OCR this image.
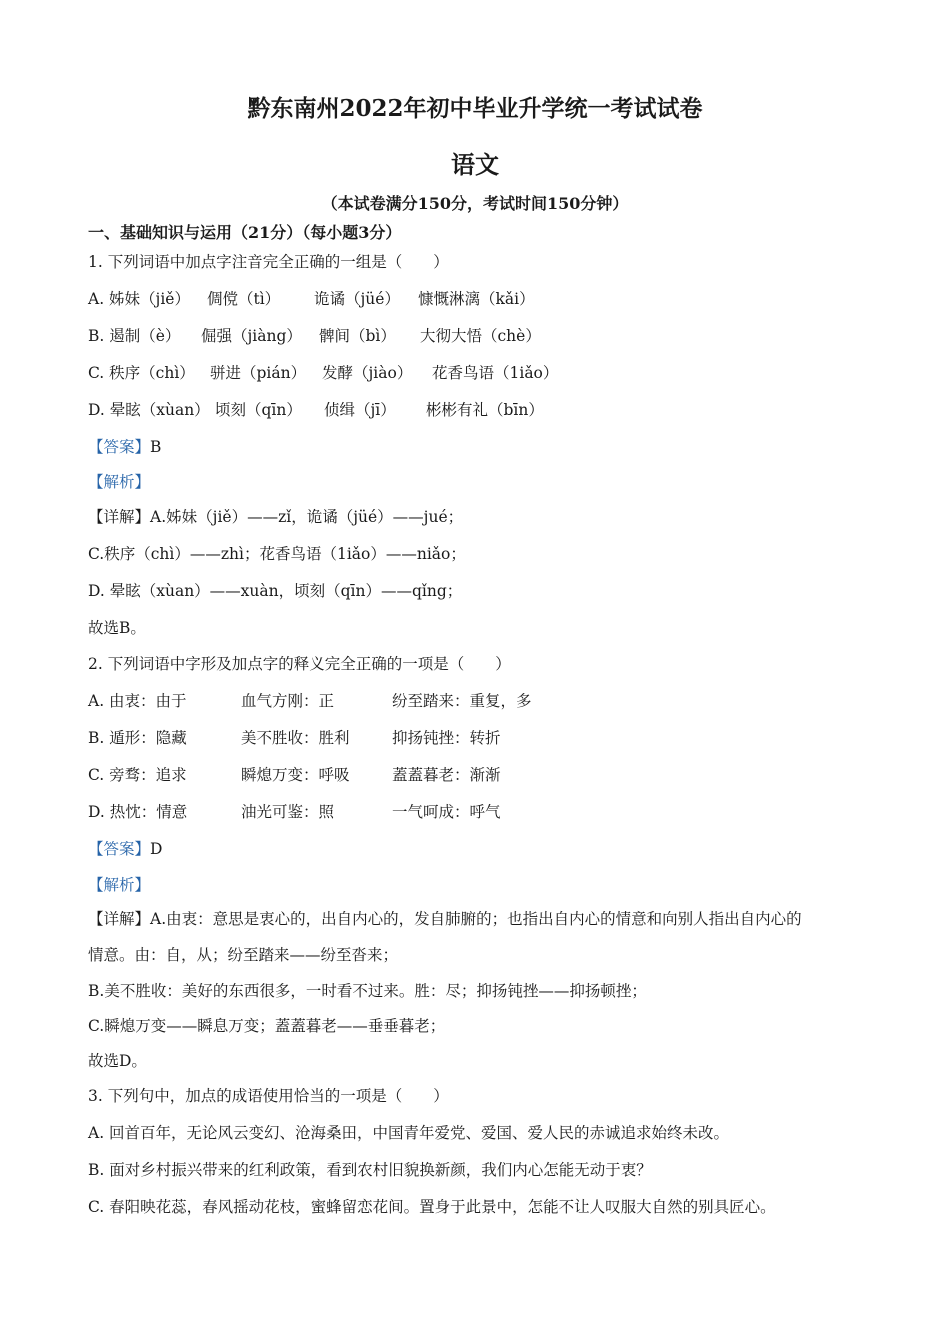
黔东南州2022年初中毕业升学统一考试试卷
语文
（本试卷满分150分，考试时间150分钟）
一、基础知识与运用（21分）（每小题3分）
1. 下列词语中加点字注音完全正确的一组是（　　）
A. 姊妹（jiě） 倜傥（tì） 诡谲（jüé） 慷慨淋漓（kǎi）
B. 遏制（è） 倔强（jiàng） 髀间（bì） 大彻大悟（chè）
C. 秩序（chì） 骈进（pián） 发酵（jiào） 花香鸟语（1iǎo）
D. 晕眩（xùan） 顷刻（qīn） 侦缉（jī） 彬彬有礼（bīn）
【答案】B
【解析】
【详解】A.姊妹（jiě）——zǐ，诡谲（jüé）——jué；
C.秩序（chì）——zhì；花香鸟语（1iǎo）——niǎo；
D. 晕眩（xùan）——xuàn，顷刻（qīn）——qǐng；
故选B。
2. 下列词语中字形及加点字的释义完全正确的一项是（　　）
A. 由衷：由于	血气方刚：正	纷至踏来：重复，多
B. 遁形：隐藏	美不胜收：胜利	抑扬钝挫：转折
C. 旁骛：追求	瞬熄万变：呼吸	蓋蓋暮老：渐渐
D. 热忱：情意	油光可鉴：照	一气呵成：呼气
【答案】D
【解析】
【详解】A.由衷：意思是衷心的，出自内心的，发自肺腑的；也指出自内心的情意和向别人指出自内心的
情意。由：自，从；纷至踏来——纷至沓来；
B.美不胜收：美好的东西很多，一时看不过来。胜：尽；抑扬钝挫——抑扬顿挫；
C.瞬熄万变——瞬息万变；蓋蓋暮老——垂垂暮老；
故选D。
3. 下列句中，加点的成语使用恰当的一项是（　　）
A. 回首百年，无论风云变幻、沧海桑田，中国青年爱党、爱国、爱人民的赤诚追求始终未改。
B. 面对乡村振兴带来的红利政策，看到农村旧貌换新颜，我们内心怎能无动于衷？
C. 春阳映花蕊，春风摇动花枝，蜜蜂留恋花间。置身于此景中，怎能不让人叹服大自然的别具匠心。
